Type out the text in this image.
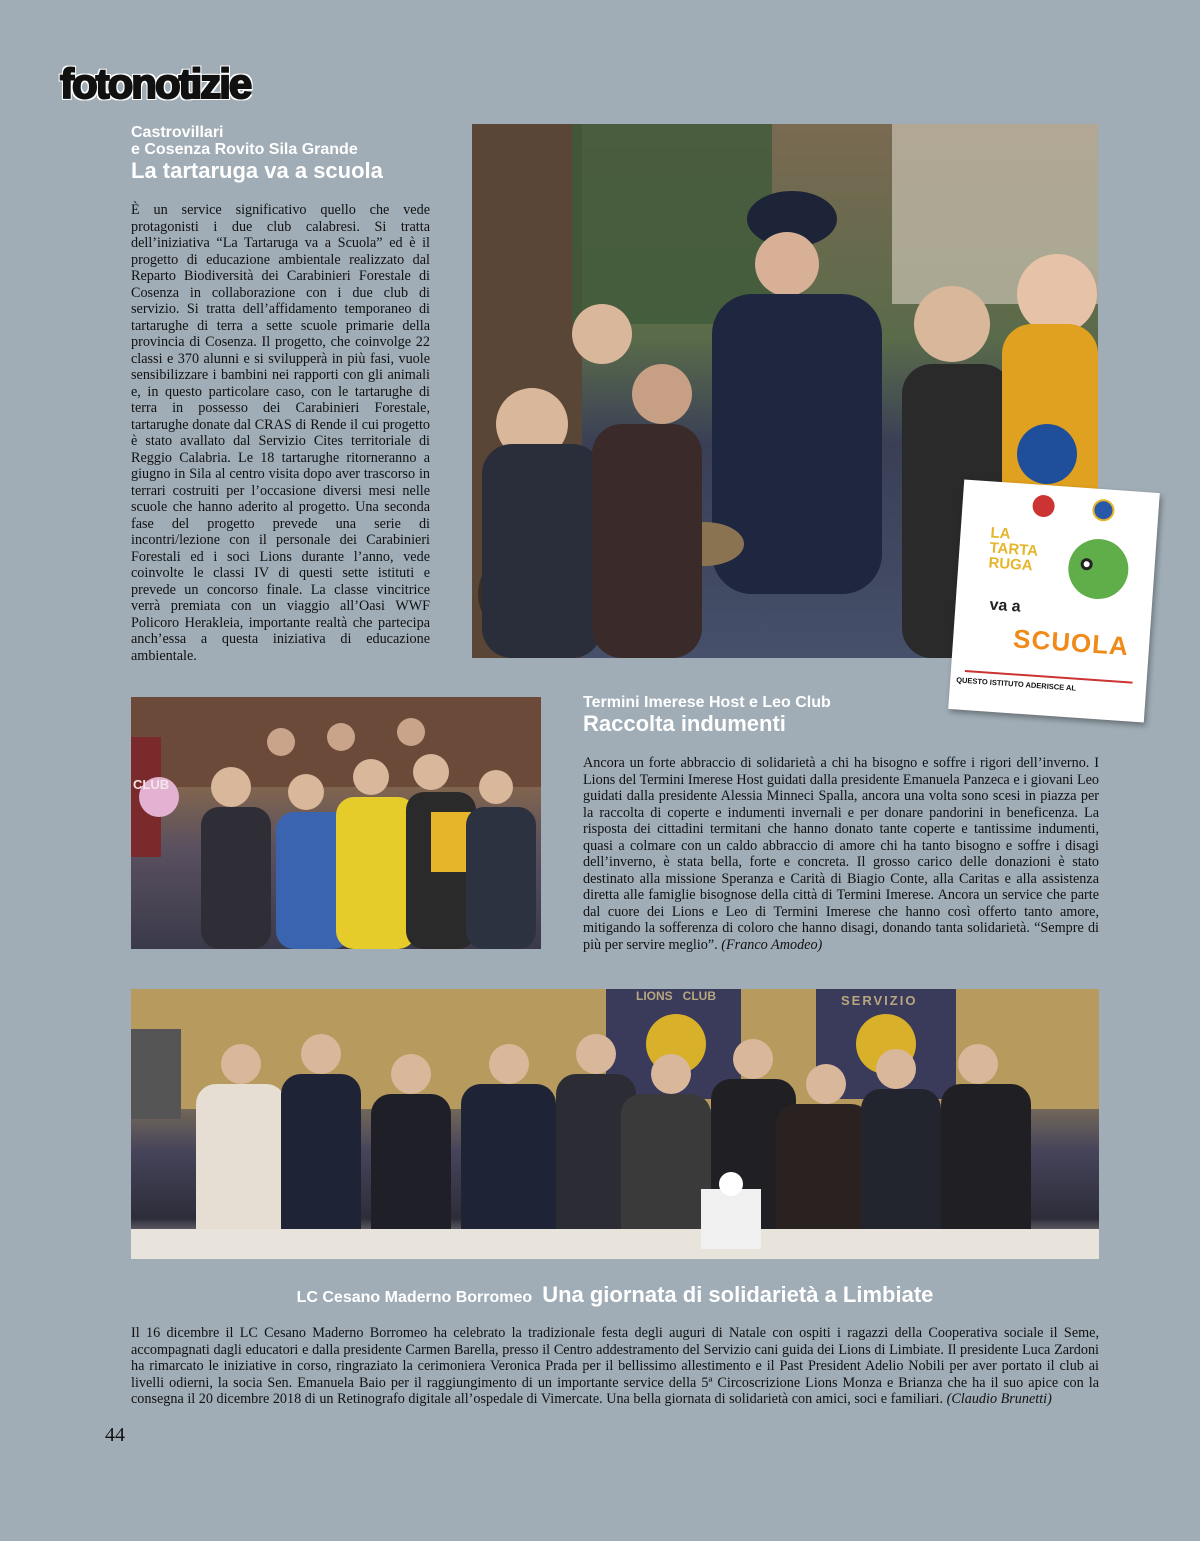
fotonotizie
Castrovillari
e Cosenza Rovito Sila Grande
La tartaruga va a scuola
È un service significativo quello che vede protagonisti i due club calabresi. Si tratta dell’iniziativa “La Tartaruga va a Scuola” ed è il progetto di educazione ambientale realizzato dal Reparto Biodiversità dei Carabinieri Forestale di Cosenza in collaborazione con i due club di servizio. Si tratta dell’affidamento temporaneo di tartarughe di terra a sette scuole primarie della provincia di Cosenza. Il progetto, che coinvolge 22 classi e 370 alunni e si svilupperà in più fasi, vuole sensibilizzare i bambini nei rapporti con gli animali e, in questo particolare caso, con le tartarughe di terra in possesso dei Carabinieri Forestale, tartarughe donate dal CRAS di Rende il cui progetto è stato avallato dal Servizio Cites territoriale di Reggio Calabria. Le 18 tartarughe ritorneranno a giugno in Sila al centro visita dopo aver trascorso in terrari costruiti per l’occasione diversi mesi nelle scuole che hanno aderito al progetto. Una seconda fase del progetto prevede una serie di incontri/lezione con il personale dei Carabinieri Forestali ed i soci Lions durante l’anno, vede coinvolte le classi IV di questi sette istituti e prevede un concorso finale. La classe vincitrice verrà premiata con un viaggio all’Oasi WWF Policoro Herakleia, importante realtà che partecipa anch’essa a questa iniziativa di educazione ambientale.
LA
TARTA
RUGA
va a
SCUOLA
QUESTO ISTITUTO ADERISCE AL
CLUB
Termini Imerese Host e Leo Club
Raccolta indumenti
Ancora un forte abbraccio di solidarietà a chi ha bisogno e soffre i rigori dell’inverno. I Lions del Termini Imerese Host guidati dalla presidente Emanuela Panzeca e i giovani Leo guidati dalla presidente Alessia Minneci Spalla, ancora una volta sono scesi in piazza per la raccolta di coperte e indumenti invernali e per donare pandorini in beneficenza. La risposta dei cittadini termitani che hanno donato tante coperte e tantissime indumenti, quasi a colmare con un caldo abbraccio di amore chi ha tanto bisogno e soffre i disagi dell’inverno, è stata bella, forte e concreta. Il grosso carico delle donazioni è stato destinato alla missione Speranza e Carità di Biagio Conte, alla Caritas e alla assistenza diretta alle famiglie bisognose della città di Termini Imerese. Ancora un service che parte dal cuore dei Lions e Leo di Termini Imerese che hanno così offerto tanto amore, mitigando la sofferenza di coloro che hanno disagi, donando tanta solidarietà. “Sempre di più per servire meglio”. (Franco Amodeo)
LIONS   CLUB	SERVIZIO
LC Cesano Maderno Borromeo Una giornata di solidarietà a Limbiate
Il 16 dicembre il LC Cesano Maderno Borromeo ha celebrato la tradizionale festa degli auguri di Natale con ospiti i ragazzi della Cooperativa sociale il Seme, accompagnati dagli educatori e dalla presidente Carmen Barella, presso il Centro addestramento del Servizio cani guida dei Lions di Limbiate. Il presidente Luca Zardoni ha rimarcato le iniziative in corso, ringraziato la cerimoniera Veronica Prada per il bellissimo allestimento e il Past President Adelio Nobili per aver portato il club ai livelli odierni, la socia Sen. Emanuela Baio per il raggiungimento di un importante service della 5ª Circoscrizione Lions Monza e Brianza che ha il suo apice con la consegna il 20 dicembre 2018 di un Retinografo digitale all’ospedale di Vimercate. Una bella giornata di solidarietà con amici, soci e familiari. (Claudio Brunetti)
44
